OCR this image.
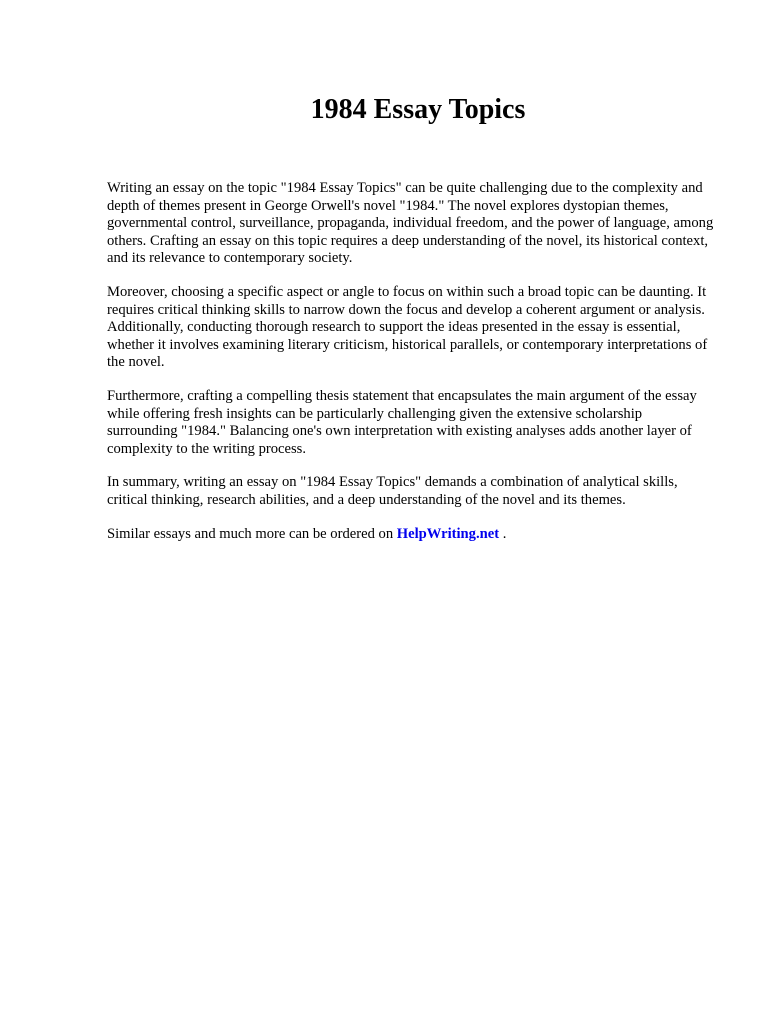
1984 Essay Topics

Writing an essay on the topic "1984 Essay Topics" can be quite challenging due to the complexity and depth of themes present in George Orwell's novel "1984." The novel explores dystopian themes, governmental control, surveillance, propaganda, individual freedom, and the power of language, among others. Crafting an essay on this topic requires a deep understanding of the novel, its historical context, and its relevance to contemporary society.

Moreover, choosing a specific aspect or angle to focus on within such a broad topic can be daunting. It requires critical thinking skills to narrow down the focus and develop a coherent argument or analysis. Additionally, conducting thorough research to support the ideas presented in the essay is essential, whether it involves examining literary criticism, historical parallels, or contemporary interpretations of the novel.

Furthermore, crafting a compelling thesis statement that encapsulates the main argument of the essay while offering fresh insights can be particularly challenging given the extensive scholarship surrounding "1984." Balancing one's own interpretation with existing analyses adds another layer of complexity to the writing process.

In summary, writing an essay on "1984 Essay Topics" demands a combination of analytical skills, critical thinking, research abilities, and a deep understanding of the novel and its themes.

Similar essays and much more can be ordered on HelpWriting.net .
